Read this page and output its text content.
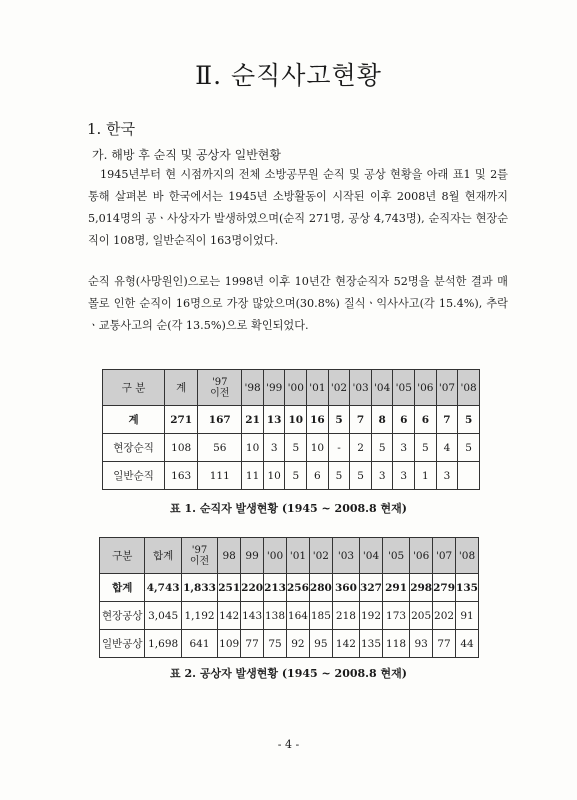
Ⅱ. 순직사고현황
1. 한국
가. 해방 후 순직 및 공상자 일반현황

1945년부터 현 시점까지의 전체 소방공무원 순직 및 공상 현황을 아래 표1 및 2를 통해 살펴본 바 한국에서는 1945년 소방활동이 시작된 이후 2008년 8월 현재까지 5,014명의 공ㆍ사상자가 발생하였으며(순직 271명, 공상 4,743명), 순직자는 현장순직이 108명, 일반순직이 163명이었다.

순직 유형(사망원인)으로는 1998년 이후 10년간 현장순직자 52명을 분석한 결과 매몰로 인한 순직이 16명으로 가장 많았으며(30.8%) 질식ㆍ익사사고(각 15.4%), 추락ㆍ교통사고의 순(각 13.5%)으로 확인되었다.

구 분	계	'97
이전	'98	'99	'00	'01	'02	'03	'04	'05	'06	'07	'08
계	271	167	21	13	10	16	5	7	8	6	6	7	5
현장순직	108	56	10	3	5	10	-	2	5	3	5	4	5
일반순직	163	111	11	10	5	6	5	5	3	3	1	3	
표 1. 순직자 발생현황 (1945 ~ 2008.8 현재)
구분	합계	'97
이전	98	99	'00	'01	'02	'03	'04	'05	'06	'07	'08
합계	4,743	1,833	251	220	213	256	280	360	327	291	298	279	135
현장공상	3,045	1,192	142	143	138	164	185	218	192	173	205	202	91
일반공상	1,698	641	109	77	75	92	95	142	135	118	93	77	44
표 2. 공상자 발생현황 (1945 ~ 2008.8 현재)
- 4 -
